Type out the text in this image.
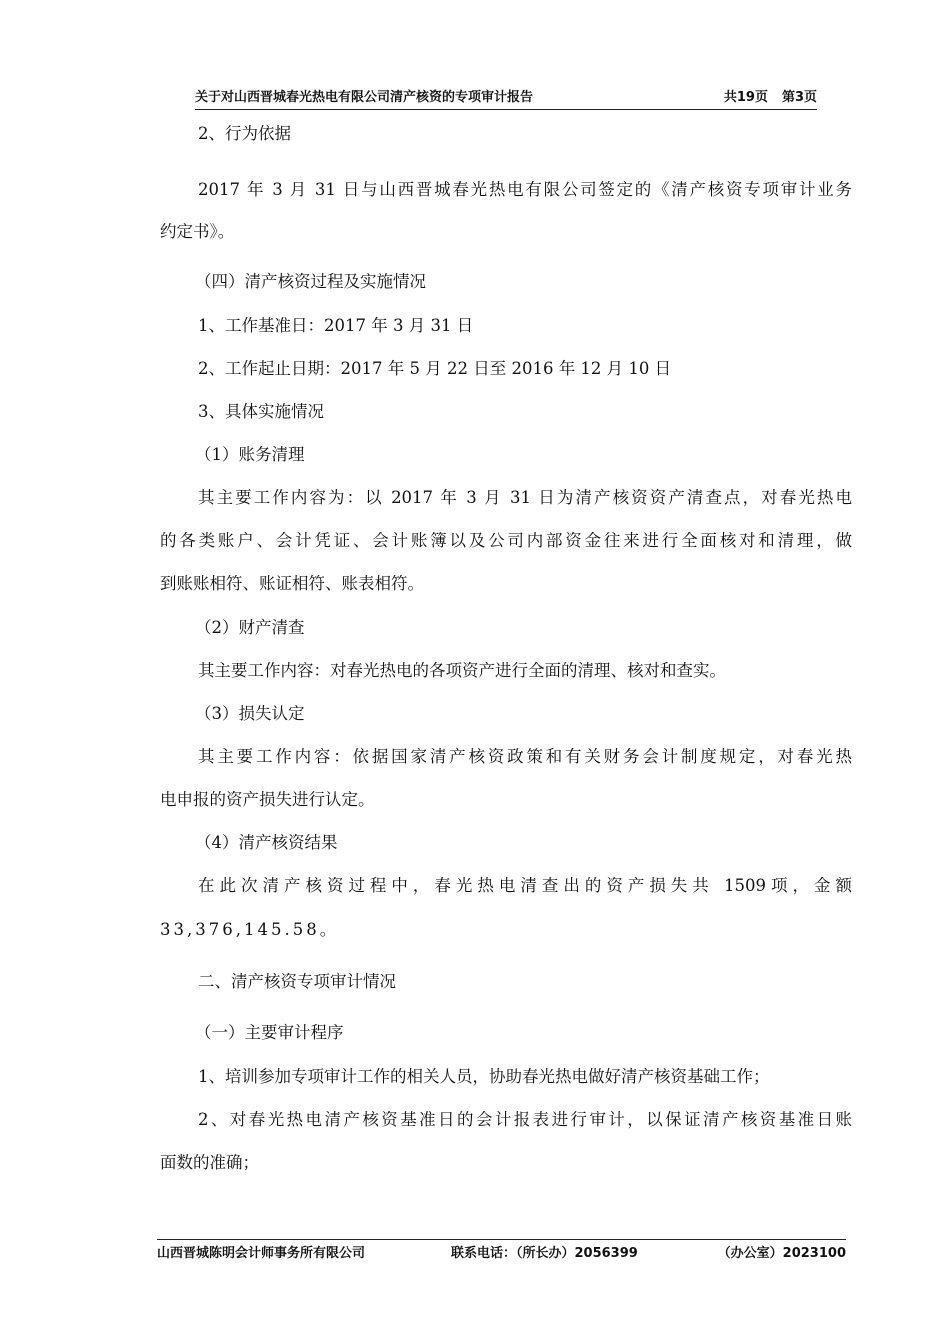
关于对山西晋城春光热电有限公司清产核资的专项审计报告	共19页 第3页
2、行为依据
2017 年 3 月 31 日与山西晋城春光热电有限公司签定的《清产核资专项审计业务
约定书》。
（四）清产核资过程及实施情况
1、工作基准日：2017 年 3 月 31 日
2、工作起止日期：2017 年 5 月 22 日至 2016 年 12 月 10 日
3、具体实施情况
（1）账务清理
其主要工作内容为：以 2017 年 3 月 31 日为清产核资资产清查点，对春光热电
的各类账户、会计凭证、会计账簿以及公司内部资金往来进行全面核对和清理，做
到账账相符、账证相符、账表相符。
（2）财产清查
其主要工作内容：对春光热电的各项资产进行全面的清理、核对和查实。
（3）损失认定
其主要工作内容：依据国家清产核资政策和有关财务会计制度规定，对春光热
电申报的资产损失进行认定。
（4）清产核资结果
在此次清产核资过程中，春光热电清查出的资产损失共 1509项，金额
33,376,145.58。
二、清产核资专项审计情况
（一）主要审计程序
1、培训参加专项审计工作的相关人员，协助春光热电做好清产核资基础工作；
2、对春光热电清产核资基准日的会计报表进行审计，以保证清产核资基准日账
面数的准确；
山西晋城陈明会计师事务所有限公司	联系电话：（所长办）2056399	（办公室）2023100
